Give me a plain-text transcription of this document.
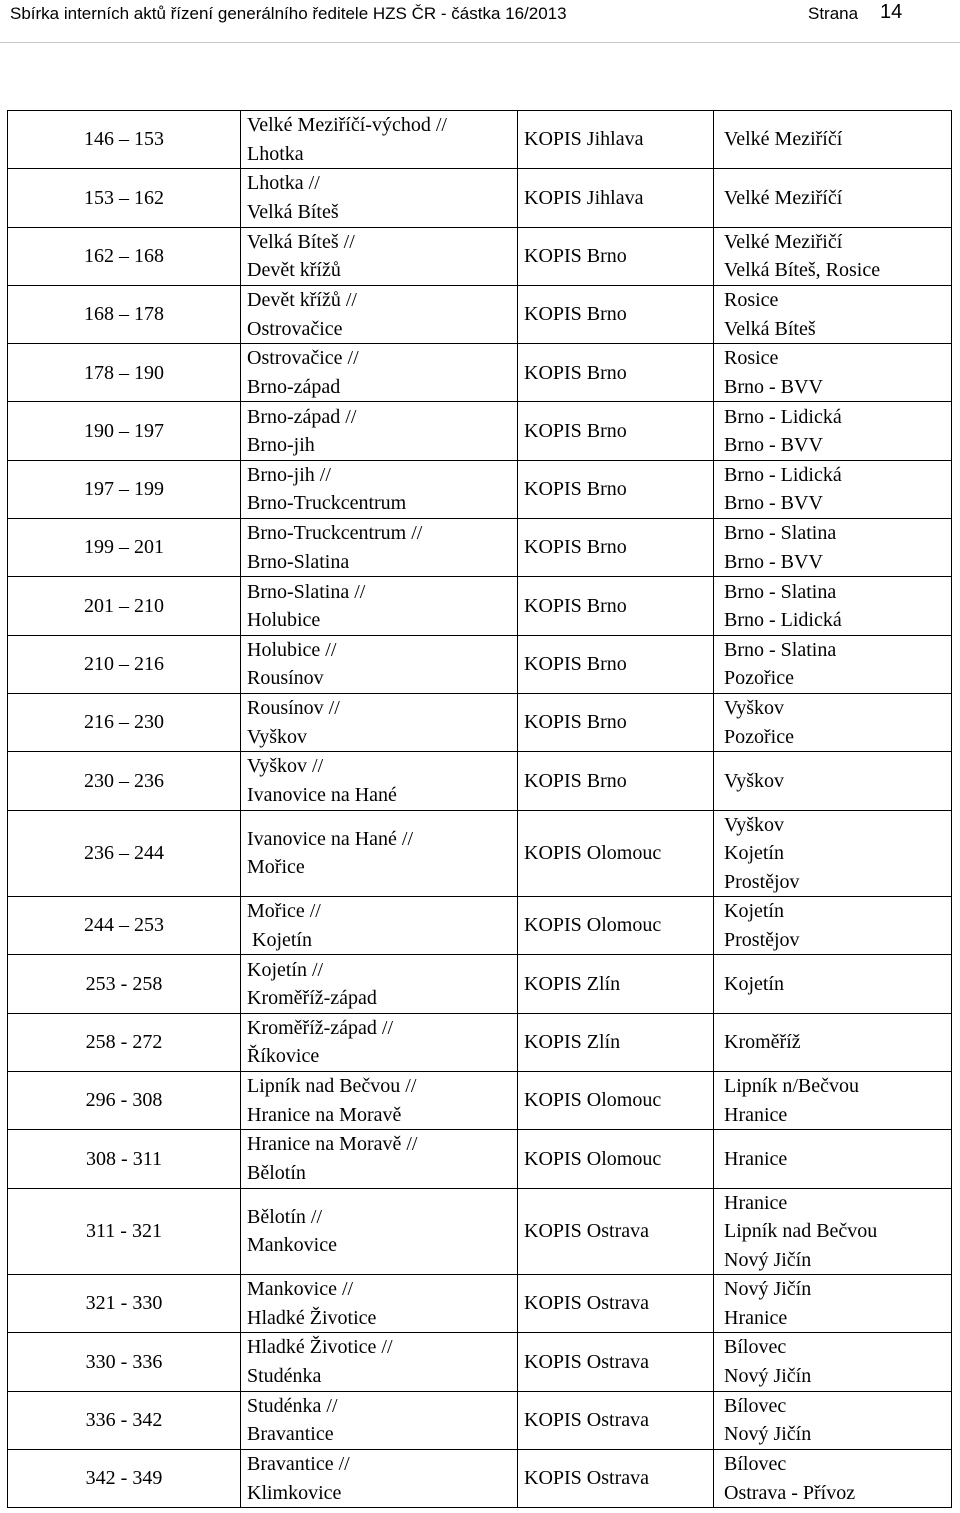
Sbírka interních aktů řízení generálního ředitele HZS ČR - částka 16/2013	Strana 14
146 – 153	Velké Meziříčí-východ //
Lhotka	KOPIS Jihlava	Velké Meziříčí

153 – 162	Lhotka //
Velká Bíteš	KOPIS Jihlava	Velké Meziříčí

162 – 168	Velká Bíteš //
Devět křížů	KOPIS Brno	Velké Meziřičí
Velká Bíteš, Rosice

168 – 178	Devět křížů //
Ostrovačice	KOPIS Brno	Rosice
Velká Bíteš

178 – 190	Ostrovačice //
Brno-západ	KOPIS Brno	Rosice
Brno - BVV

190 – 197	Brno-západ //
Brno-jih	KOPIS Brno	Brno - Lidická
Brno - BVV

197 – 199	Brno-jih //
Brno-Truckcentrum	KOPIS Brno	Brno - Lidická
Brno - BVV

199 – 201	Brno-Truckcentrum //
Brno-Slatina	KOPIS Brno	Brno - Slatina
Brno - BVV

201 – 210	Brno-Slatina //
Holubice	KOPIS Brno	Brno - Slatina
Brno - Lidická

210 – 216	Holubice //
Rousínov	KOPIS Brno	Brno - Slatina
Pozořice

216 – 230	Rousínov //
Vyškov	KOPIS Brno	Vyškov
Pozořice

230 – 236	Vyškov //
Ivanovice na Hané	KOPIS Brno	Vyškov

236 – 244	Ivanovice na Hané //
Mořice	KOPIS Olomouc	Vyškov
Kojetín
Prostějov

244 – 253	Mořice //
Kojetín	KOPIS Olomouc	Kojetín
Prostějov

253 - 258	Kojetín //
Kroměříž-západ	KOPIS Zlín	Kojetín

258 - 272	Kroměříž-západ //
Říkovice	KOPIS Zlín	Kroměříž

296 - 308	Lipník nad Bečvou //
Hranice na Moravě	KOPIS Olomouc	Lipník n/Bečvou
Hranice

308 - 311	Hranice na Moravě //
Bělotín	KOPIS Olomouc	Hranice

311 - 321	Bělotín //
Mankovice	KOPIS Ostrava	Hranice
Lipník nad Bečvou
Nový Jičín

321 - 330	Mankovice //
Hladké Životice	KOPIS Ostrava	Nový Jičín
Hranice

330 - 336	Hladké Životice //
Studénka	KOPIS Ostrava	Bílovec
Nový Jičín

336 - 342	Studénka //
Bravantice	KOPIS Ostrava	Bílovec
Nový Jičín

342 - 349	Bravantice //
Klimkovice	KOPIS Ostrava	Bílovec
Ostrava - Přívoz
